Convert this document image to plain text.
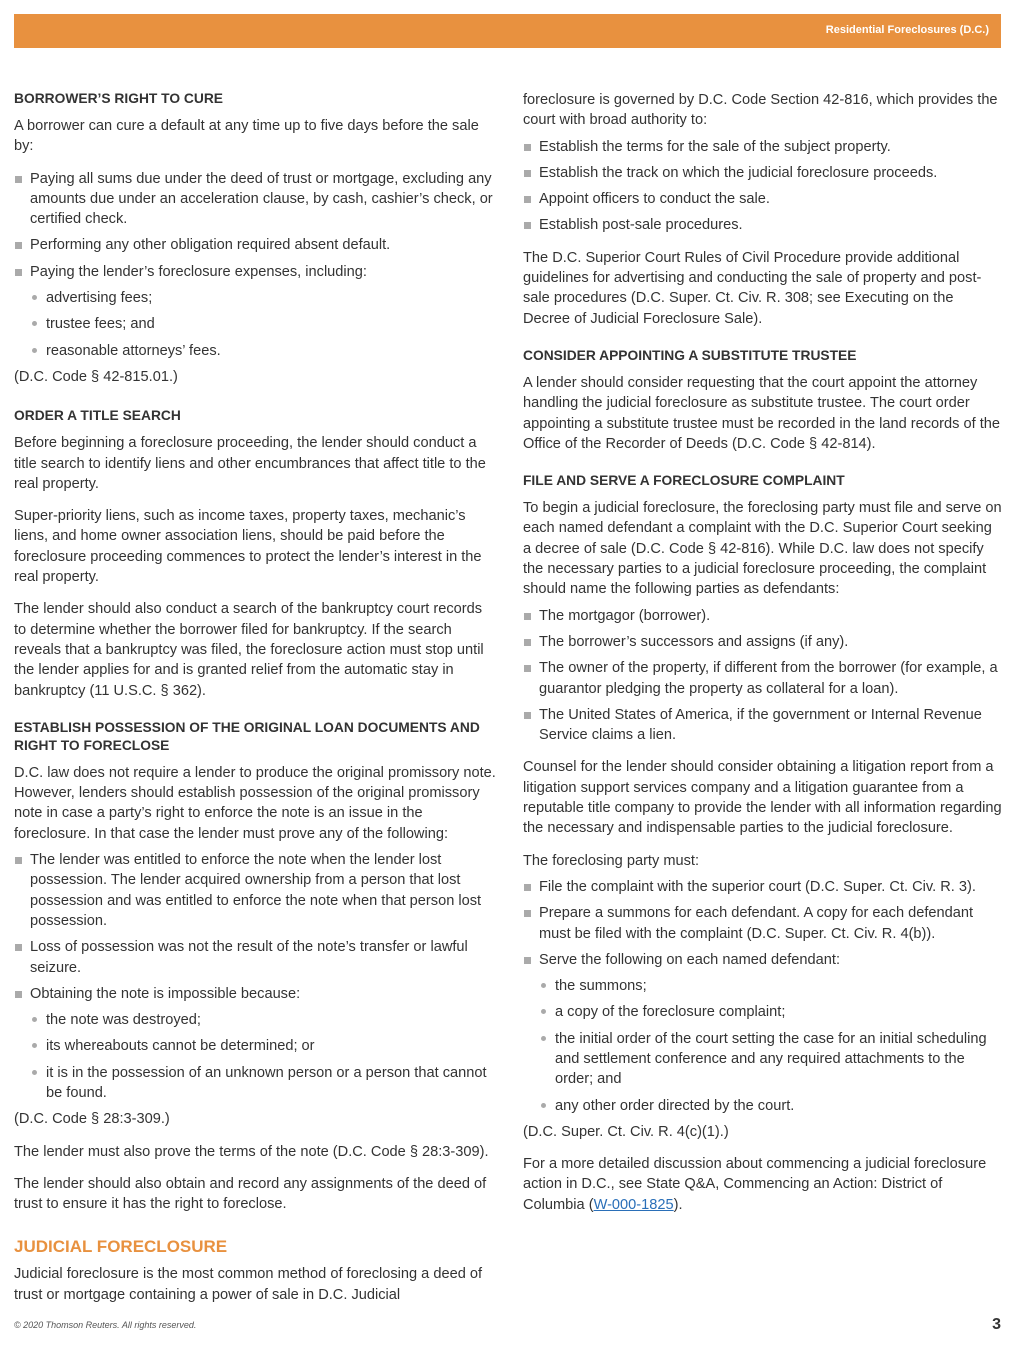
Residential Foreclosures (D.C.)
BORROWER’S RIGHT TO CURE

A borrower can cure a default at any time up to five days before the sale by:

Paying all sums due under the deed of trust or mortgage, excluding any amounts due under an acceleration clause, by cash, cashier’s check, or certified check.
Performing any other obligation required absent default.
Paying the lender’s foreclosure expenses, including:
advertising fees;
trustee fees; and
reasonable attorneys’ fees.

(D.C. Code § 42-815.01.)

ORDER A TITLE SEARCH

Before beginning a foreclosure proceeding, the lender should conduct a title search to identify liens and other encumbrances that affect title to the real property.

Super-priority liens, such as income taxes, property taxes, mechanic’s liens, and home owner association liens, should be paid before the foreclosure proceeding commences to protect the lender’s interest in the real property.

The lender should also conduct a search of the bankruptcy court records to determine whether the borrower filed for bankruptcy. If the search reveals that a bankruptcy was filed, the foreclosure action must stop until the lender applies for and is granted relief from the automatic stay in bankruptcy (11 U.S.C. § 362).

ESTABLISH POSSESSION OF THE ORIGINAL LOAN DOCUMENTS AND RIGHT TO FORECLOSE

D.C. law does not require a lender to produce the original promissory note. However, lenders should establish possession of the original promissory note in case a party’s right to enforce the note is an issue in the foreclosure. In that case the lender must prove any of the following:

The lender was entitled to enforce the note when the lender lost possession. The lender acquired ownership from a person that lost possession and was entitled to enforce the note when that person lost possession.
Loss of possession was not the result of the note’s transfer or lawful seizure.
Obtaining the note is impossible because:
the note was destroyed;
its whereabouts cannot be determined; or
it is in the possession of an unknown person or a person that cannot be found.

(D.C. Code § 28:3-309.)

The lender must also prove the terms of the note (D.C. Code § 28:3-309).

The lender should also obtain and record any assignments of the deed of trust to ensure it has the right to foreclose.

JUDICIAL FORECLOSURE

Judicial foreclosure is the most common method of foreclosing a deed of trust or mortgage containing a power of sale in D.C. Judicial

foreclosure is governed by D.C. Code Section 42-816, which provides the court with broad authority to:

Establish the terms for the sale of the subject property.
Establish the track on which the judicial foreclosure proceeds.
Appoint officers to conduct the sale.
Establish post-sale procedures.

The D.C. Superior Court Rules of Civil Procedure provide additional guidelines for advertising and conducting the sale of property and post-sale procedures (D.C. Super. Ct. Civ. R. 308; see Executing on the Decree of Judicial Foreclosure Sale).

CONSIDER APPOINTING A SUBSTITUTE TRUSTEE

A lender should consider requesting that the court appoint the attorney handling the judicial foreclosure as substitute trustee. The court order appointing a substitute trustee must be recorded in the land records of the Office of the Recorder of Deeds (D.C. Code § 42-814).

FILE AND SERVE A FORECLOSURE COMPLAINT

To begin a judicial foreclosure, the foreclosing party must file and serve on each named defendant a complaint with the D.C. Superior Court seeking a decree of sale (D.C. Code § 42-816). While D.C. law does not specify the necessary parties to a judicial foreclosure proceeding, the complaint should name the following parties as defendants:

The mortgagor (borrower).
The borrower’s successors and assigns (if any).
The owner of the property, if different from the borrower (for example, a guarantor pledging the property as collateral for a loan).
The United States of America, if the government or Internal Revenue Service claims a lien.

Counsel for the lender should consider obtaining a litigation report from a litigation support services company and a litigation guarantee from a reputable title company to provide the lender with all information regarding the necessary and indispensable parties to the judicial foreclosure.

The foreclosing party must:

File the complaint with the superior court (D.C. Super. Ct. Civ. R. 3).
Prepare a summons for each defendant. A copy for each defendant must be filed with the complaint (D.C. Super. Ct. Civ. R. 4(b)).
Serve the following on each named defendant:
the summons;
a copy of the foreclosure complaint;
the initial order of the court setting the case for an initial scheduling and settlement conference and any required attachments to the order; and
any other order directed by the court.

(D.C. Super. Ct. Civ. R. 4(c)(1).)

For a more detailed discussion about commencing a judicial foreclosure action in D.C., see State Q&A, Commencing an Action: District of Columbia (W-000-1825).

© 2020 Thomson Reuters. All rights reserved.	3
